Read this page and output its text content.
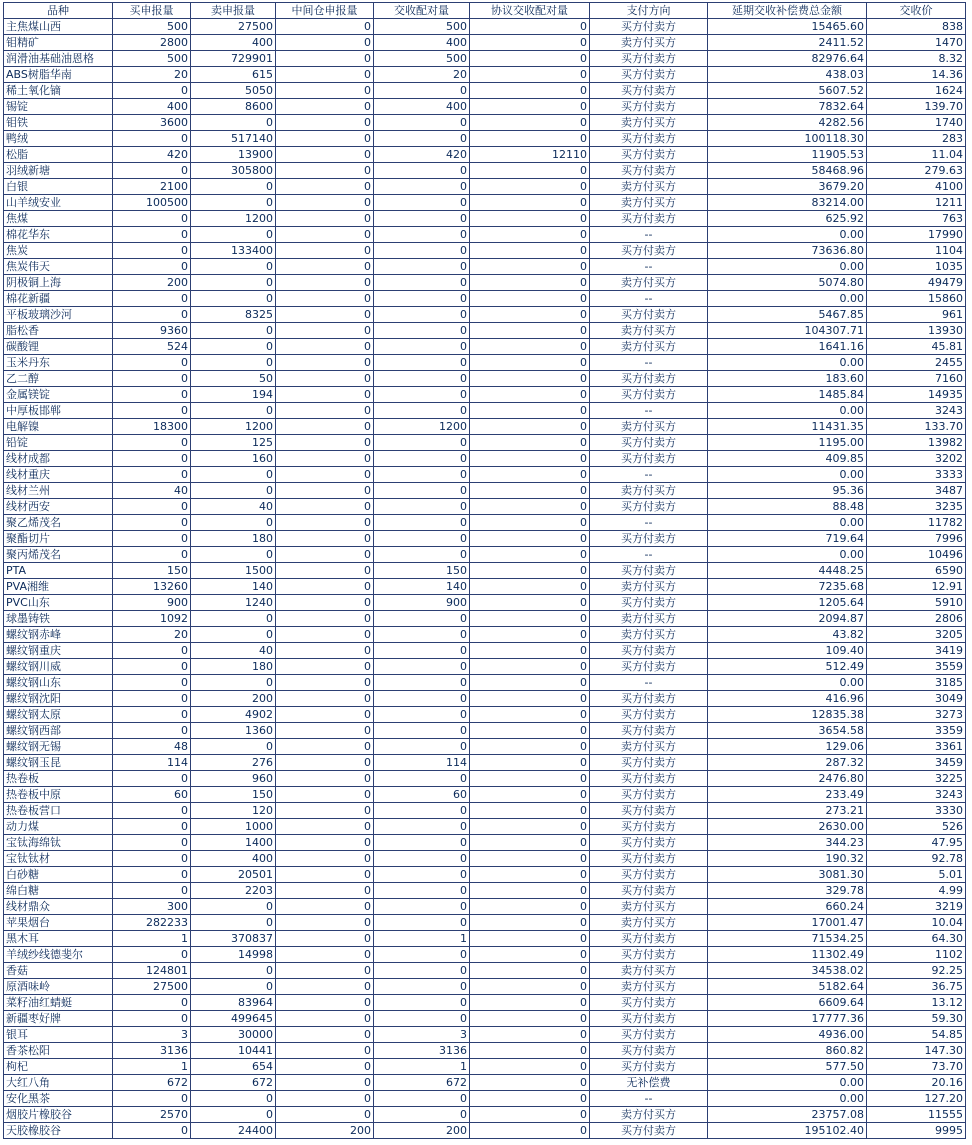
品种	买申报量	卖申报量	中间仓申报量	交收配对量	协议交收配对量	支付方向	延期交收补偿费总金额	交收价
主焦煤山西	500	27500	0	500	0	买方付卖方	15465.60	838
钼精矿	2800	400	0	400	0	卖方付买方	2411.52	1470
润滑油基础油恩格	500	729901	0	500	0	买方付卖方	82976.64	8.32
ABS树脂华南	20	615	0	20	0	买方付卖方	438.03	14.36
稀土氧化镝	0	5050	0	0	0	买方付卖方	5607.52	1624
锡锭	400	8600	0	400	0	买方付卖方	7832.64	139.70
钼铁	3600	0	0	0	0	卖方付买方	4282.56	1740
鸭绒	0	517140	0	0	0	买方付卖方	100118.30	283
松脂	420	13900	0	420	12110	买方付卖方	11905.53	11.04
羽绒新塘	0	305800	0	0	0	买方付卖方	58468.96	279.63
白银	2100	0	0	0	0	卖方付买方	3679.20	4100
山羊绒安业	100500	0	0	0	0	卖方付买方	83214.00	1211
焦煤	0	1200	0	0	0	买方付卖方	625.92	763
棉花华东	0	0	0	0	0	--	0.00	17990
焦炭	0	133400	0	0	0	买方付卖方	73636.80	1104
焦炭伟天	0	0	0	0	0	--	0.00	1035
阴极铜上海	200	0	0	0	0	卖方付买方	5074.80	49479
棉花新疆	0	0	0	0	0	--	0.00	15860
平板玻璃沙河	0	8325	0	0	0	买方付卖方	5467.85	961
脂松香	9360	0	0	0	0	卖方付买方	104307.71	13930
碳酸锂	524	0	0	0	0	卖方付买方	1641.16	45.81
玉米丹东	0	0	0	0	0	--	0.00	2455
乙二醇	0	50	0	0	0	买方付卖方	183.60	7160
金属镁锭	0	194	0	0	0	买方付卖方	1485.84	14935
中厚板邯郸	0	0	0	0	0	--	0.00	3243
电解镍	18300	1200	0	1200	0	卖方付买方	11431.35	133.70
铅锭	0	125	0	0	0	买方付卖方	1195.00	13982
线材成都	0	160	0	0	0	买方付卖方	409.85	3202
线材重庆	0	0	0	0	0	--	0.00	3333
线材兰州	40	0	0	0	0	卖方付买方	95.36	3487
线材西安	0	40	0	0	0	买方付卖方	88.48	3235
聚乙烯茂名	0	0	0	0	0	--	0.00	11782
聚酯切片	0	180	0	0	0	买方付卖方	719.64	7996
聚丙烯茂名	0	0	0	0	0	--	0.00	10496
PTA	150	1500	0	150	0	买方付卖方	4448.25	6590
PVA湘维	13260	140	0	140	0	卖方付买方	7235.68	12.91
PVC山东	900	1240	0	900	0	买方付卖方	1205.64	5910
球墨铸铁	1092	0	0	0	0	卖方付买方	2094.87	2806
螺纹钢赤峰	20	0	0	0	0	卖方付买方	43.82	3205
螺纹钢重庆	0	40	0	0	0	买方付卖方	109.40	3419
螺纹钢川威	0	180	0	0	0	买方付卖方	512.49	3559
螺纹钢山东	0	0	0	0	0	--	0.00	3185
螺纹钢沈阳	0	200	0	0	0	买方付卖方	416.96	3049
螺纹钢太原	0	4902	0	0	0	买方付卖方	12835.38	3273
螺纹钢西部	0	1360	0	0	0	买方付卖方	3654.58	3359
螺纹钢无锡	48	0	0	0	0	卖方付买方	129.06	3361
螺纹钢玉昆	114	276	0	114	0	买方付卖方	287.32	3459
热卷板	0	960	0	0	0	买方付卖方	2476.80	3225
热卷板中原	60	150	0	60	0	买方付卖方	233.49	3243
热卷板营口	0	120	0	0	0	买方付卖方	273.21	3330
动力煤	0	1000	0	0	0	买方付卖方	2630.00	526
宝钛海绵钛	0	1400	0	0	0	买方付卖方	344.23	47.95
宝钛钛材	0	400	0	0	0	买方付卖方	190.32	92.78
白砂糖	0	20501	0	0	0	买方付卖方	3081.30	5.01
绵白糖	0	2203	0	0	0	买方付卖方	329.78	4.99
线材鼎众	300	0	0	0	0	卖方付买方	660.24	3219
苹果烟台	282233	0	0	0	0	卖方付买方	17001.47	10.04
黑木耳	1	370837	0	1	0	买方付卖方	71534.25	64.30
羊绒纱线德斐尔	0	14998	0	0	0	买方付卖方	11302.49	1102
香菇	124801	0	0	0	0	卖方付买方	34538.02	92.25
原酒味岭	27500	0	0	0	0	卖方付买方	5182.64	36.75
菜籽油红蜻蜓	0	83964	0	0	0	买方付卖方	6609.64	13.12
新疆枣好牌	0	499645	0	0	0	买方付卖方	17777.36	59.30
银耳	3	30000	0	3	0	买方付卖方	4936.00	54.85
香茶松阳	3136	10441	0	3136	0	买方付卖方	860.82	147.30
枸杞	1	654	0	1	0	买方付卖方	577.50	73.70
大红八角	672	672	0	672	0	无补偿费	0.00	20.16
安化黑茶	0	0	0	0	0	--	0.00	127.20
烟胶片橡胶谷	2570	0	0	0	0	卖方付买方	23757.08	11555
天胶橡胶谷	0	24400	200	200	0	买方付卖方	195102.40	9995
